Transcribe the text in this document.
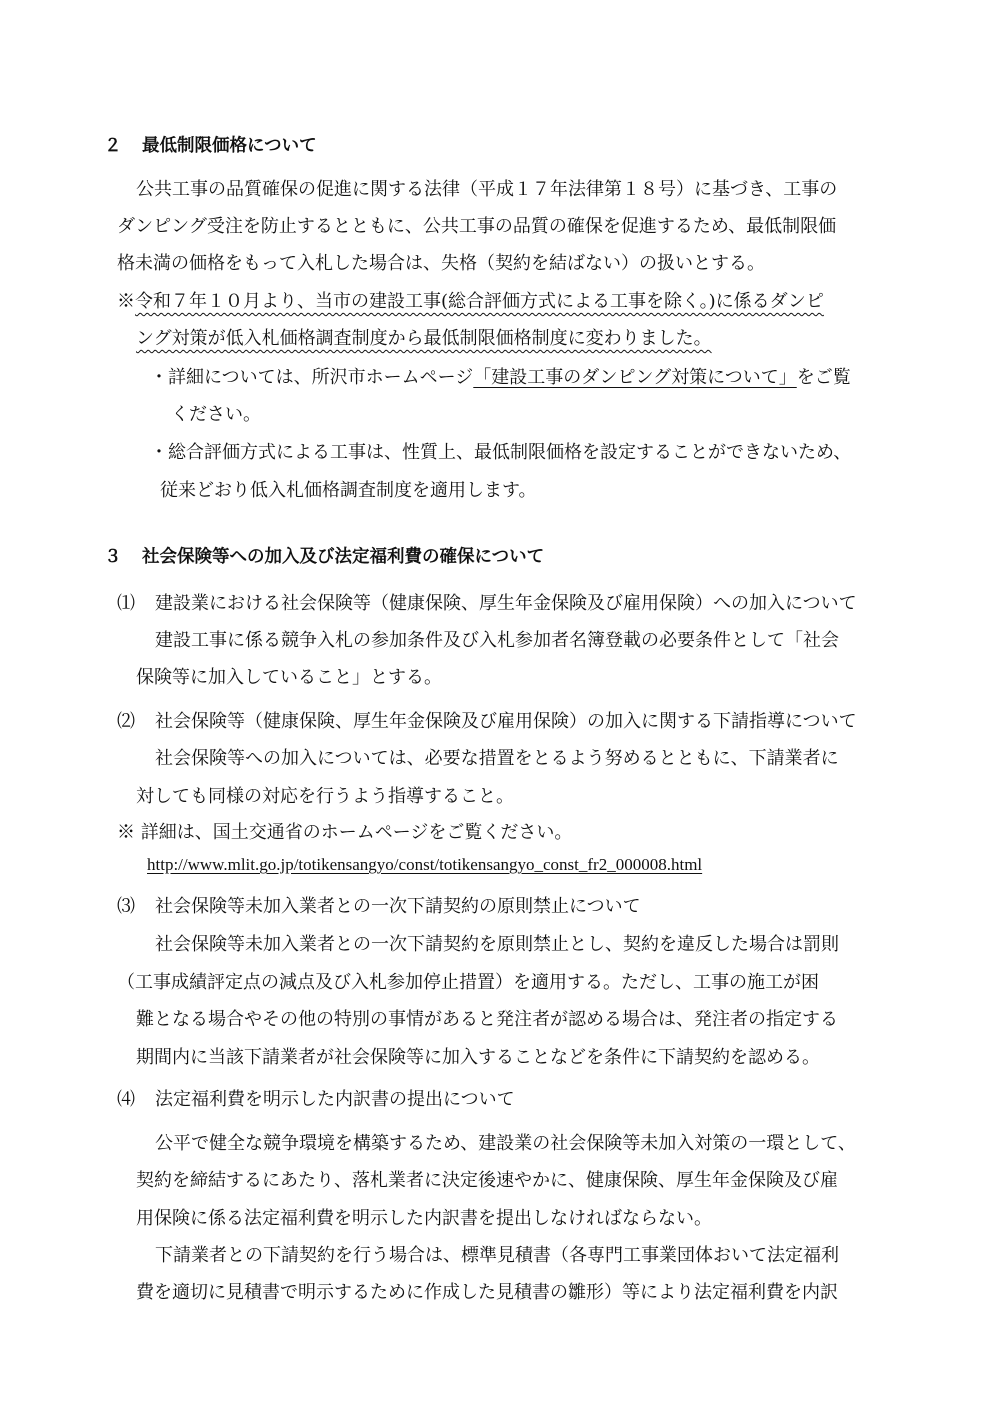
２ 最低制限価格について
公共工事の品質確保の促進に関する法律（平成１７年法律第１８号）に基づき、工事の
ダンピング受注を防止するとともに、公共工事の品質の確保を促進するため、最低制限価
格未満の価格をもって入札した場合は、失格（契約を結ばない）の扱いとする。
※令和７年１０月より、当市の建設工事(総合評価方式による工事を除く。)に係るダンピ
ング対策が低入札価格調査制度から最低制限価格制度に変わりました。
・詳細については、所沢市ホームページ「建設工事のダンピング対策について」をご覧
ください。
・総合評価方式による工事は、性質上、最低制限価格を設定することができないため、
従来どおり低入札価格調査制度を適用します。
３ 社会保険等への加入及び法定福利費の確保について
⑴ 建設業における社会保険等（健康保険、厚生年金保険及び雇用保険）への加入について
建設工事に係る競争入札の参加条件及び入札参加者名簿登載の必要条件として「社会
保険等に加入していること」とする。
⑵ 社会保険等（健康保険、厚生年金保険及び雇用保険）の加入に関する下請指導について
社会保険等への加入については、必要な措置をとるよう努めるとともに、下請業者に
対しても同様の対応を行うよう指導すること。
※ 詳細は、国土交通省のホームページをご覧ください。
http://www.mlit.go.jp/totikensangyo/const/totikensangyo_const_fr2_000008.html
⑶ 社会保険等未加入業者との一次下請契約の原則禁止について
社会保険等未加入業者との一次下請契約を原則禁止とし、契約を違反した場合は罰則
（工事成績評定点の減点及び入札参加停止措置）を適用する。ただし、工事の施工が困
難となる場合やその他の特別の事情があると発注者が認める場合は、発注者の指定する
期間内に当該下請業者が社会保険等に加入することなどを条件に下請契約を認める。
⑷ 法定福利費を明示した内訳書の提出について
公平で健全な競争環境を構築するため、建設業の社会保険等未加入対策の一環として、
契約を締結するにあたり、落札業者に決定後速やかに、健康保険、厚生年金保険及び雇
用保険に係る法定福利費を明示した内訳書を提出しなければならない。
下請業者との下請契約を行う場合は、標準見積書（各専門工事業団体おいて法定福利
費を適切に見積書で明示するために作成した見積書の雛形）等により法定福利費を内訳
